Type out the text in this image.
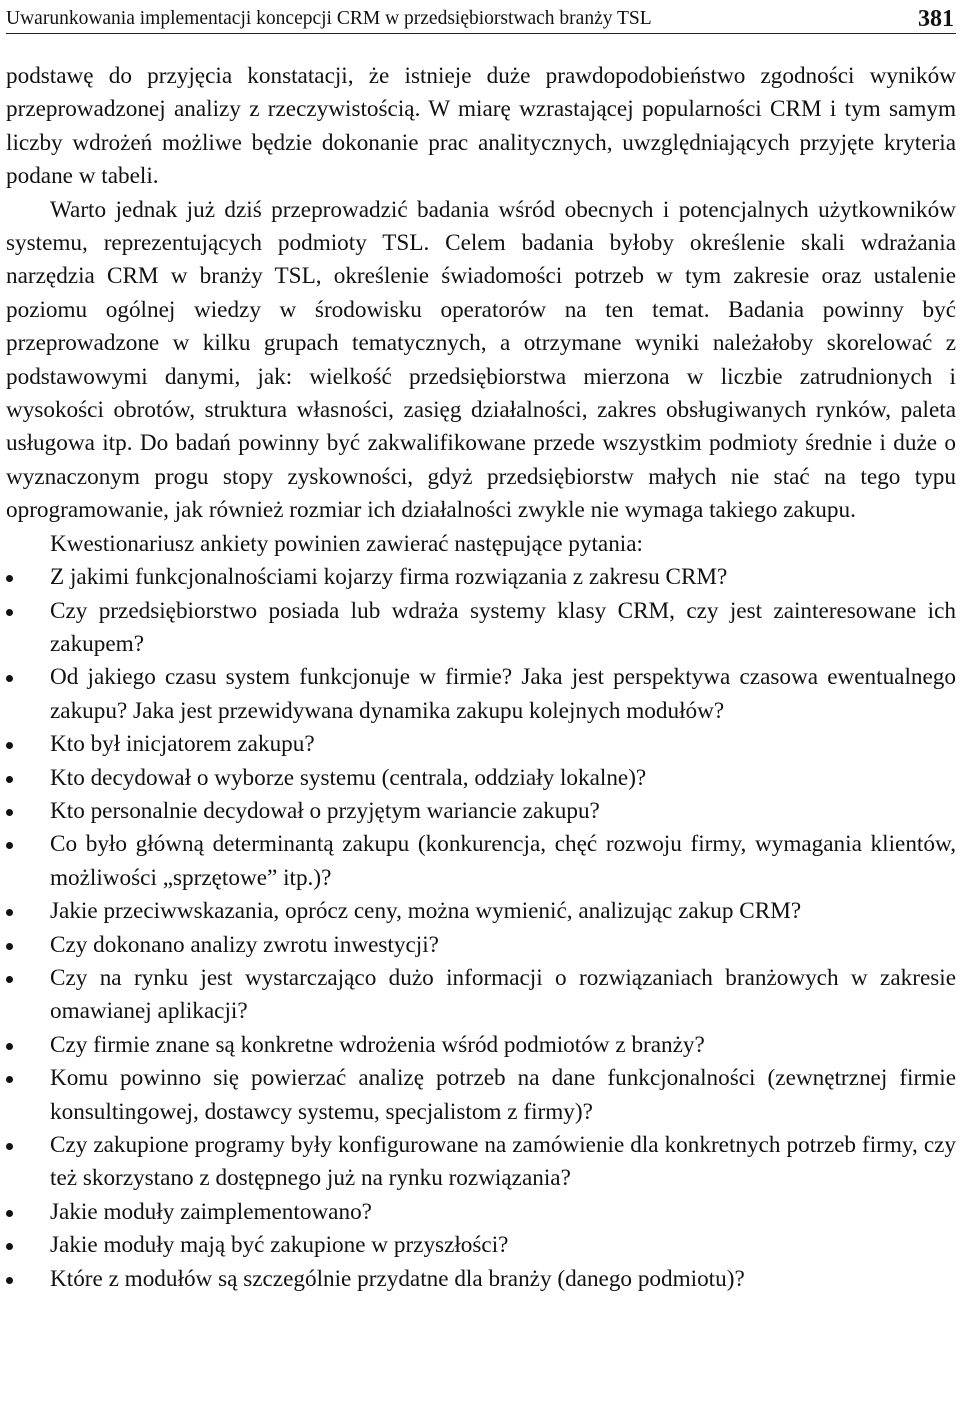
Uwarunkowania implementacji koncepcji CRM w przedsiębiorstwach branży TSL	381

podstawę do przyjęcia konstatacji, że istnieje duże prawdopodobieństwo zgodności wyników przeprowadzonej analizy z rzeczywistością. W miarę wzrastającej popularności CRM i tym samym liczby wdrożeń możliwe będzie dokonanie prac analitycznych, uwzględniających przyjęte kryteria podane w tabeli.

Warto jednak już dziś przeprowadzić badania wśród obecnych i potencjalnych użytkowników systemu, reprezentujących podmioty TSL. Celem badania byłoby określenie skali wdrażania narzędzia CRM w branży TSL, określenie świadomości potrzeb w tym zakresie oraz ustalenie poziomu ogólnej wiedzy w środowisku operatorów na ten temat. Badania powinny być przeprowadzone w kilku grupach tematycznych, a otrzymane wyniki należałoby skorelować z podstawowymi danymi, jak: wielkość przedsiębiorstwa mierzona w liczbie zatrudnionych i wysokości obrotów, struktura własności, zasięg działalności, zakres obsługiwanych rynków, paleta usługowa itp. Do badań powinny być zakwalifikowane przede wszystkim podmioty średnie i duże o wyznaczonym progu stopy zyskowności, gdyż przedsiębiorstw małych nie stać na tego typu oprogramowanie, jak również rozmiar ich działalności zwykle nie wymaga takiego zakupu.

Kwestionariusz ankiety powinien zawierać następujące pytania:

Z jakimi funkcjonalnościami kojarzy firma rozwiązania z zakresu CRM?
Czy przedsiębiorstwo posiada lub wdraża systemy klasy CRM, czy jest zainteresowane ich zakupem?
Od jakiego czasu system funkcjonuje w firmie? Jaka jest perspektywa czasowa ewentualnego zakupu? Jaka jest przewidywana dynamika zakupu kolejnych modułów?
Kto był inicjatorem zakupu?
Kto decydował o wyborze systemu (centrala, oddziały lokalne)?
Kto personalnie decydował o przyjętym wariancie zakupu?
Co było główną determinantą zakupu (konkurencja, chęć rozwoju firmy, wymagania klientów, możliwości „sprzętowe” itp.)?
Jakie przeciwwskazania, oprócz ceny, można wymienić, analizując zakup CRM?
Czy dokonano analizy zwrotu inwestycji?
Czy na rynku jest wystarczająco dużo informacji o rozwiązaniach branżowych w zakresie omawianej aplikacji?
Czy firmie znane są konkretne wdrożenia wśród podmiotów z branży?
Komu powinno się powierzać analizę potrzeb na dane funkcjonalności (zewnętrznej firmie konsultingowej, dostawcy systemu, specjalistom z firmy)?
Czy zakupione programy były konfigurowane na zamówienie dla konkretnych potrzeb firmy, czy też skorzystano z dostępnego już na rynku rozwiązania?
Jakie moduły zaimplementowano?
Jakie moduły mają być zakupione w przyszłości?
Które z modułów są szczególnie przydatne dla branży (danego podmiotu)?
